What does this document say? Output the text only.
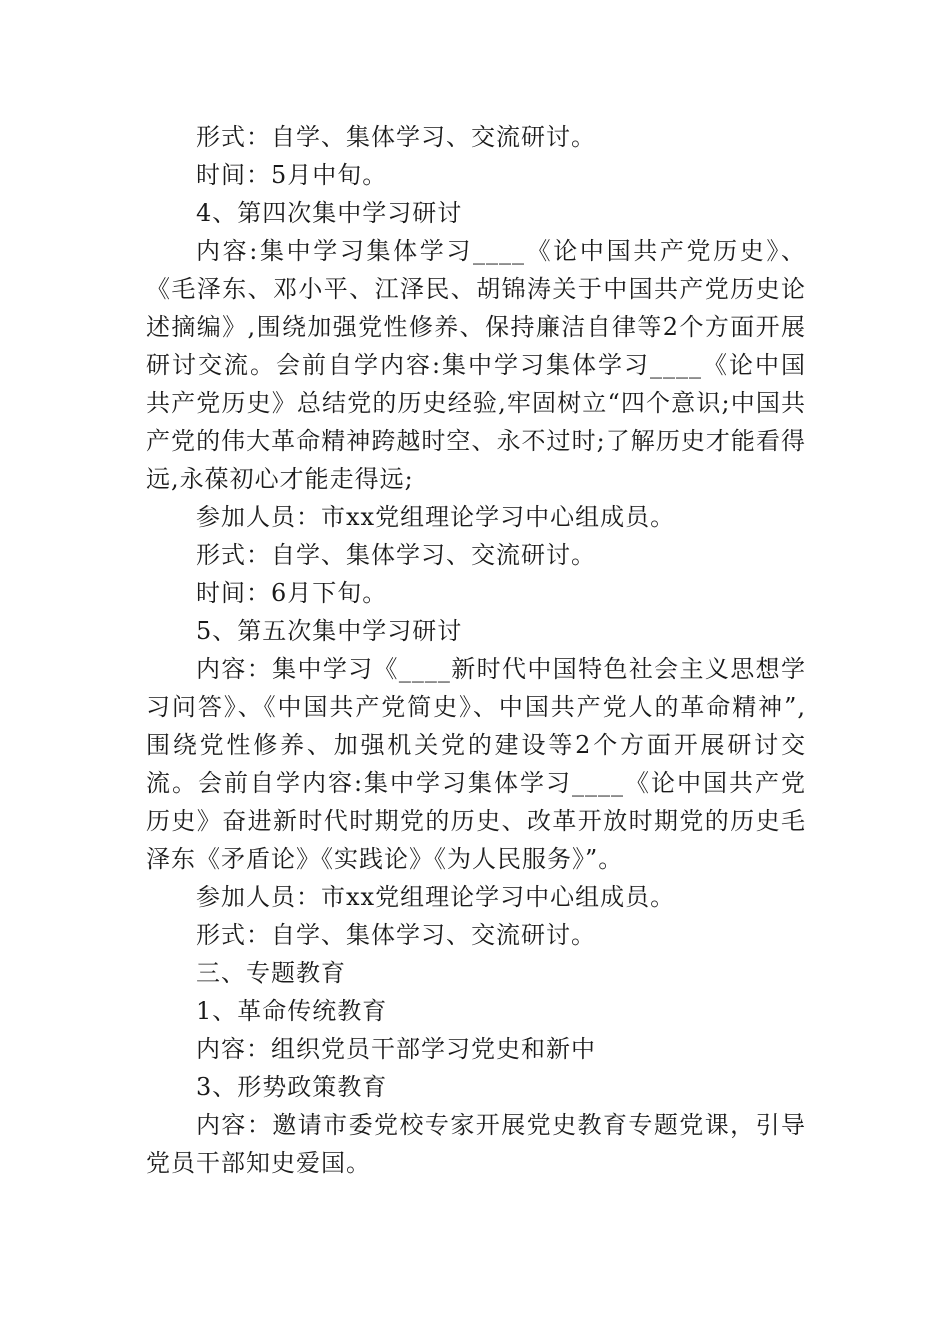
形式：自学、集体学习、交流研讨。

时间：5月中旬。

4、第四次集中学习研讨

内容:集中学习集体学习____《论中国共产党历史》、《毛泽东、邓小平、江泽民、胡锦涛关于中国共产党历史论述摘编》,围绕加强党性修养、保持廉洁自律等2个方面开展研讨交流。会前自学内容:集中学习集体学习____《论中国共产党历史》总结党的历史经验,牢固树立“四个意识;中国共产党的伟大革命精神跨越时空、永不过时;了解历史才能看得远,永葆初心才能走得远;

参加人员：市xx党组理论学习中心组成员。

形式：自学、集体学习、交流研讨。

时间：6月下旬。

5、第五次集中学习研讨

内容：集中学习《____新时代中国特色社会主义思想学习问答》、《中国共产党简史》、中国共产党人的革命精神”,围绕党性修养、加强机关党的建设等2个方面开展研讨交流。会前自学内容:集中学习集体学习____《论中国共产党历史》奋进新时代时期党的历史、改革开放时期党的历史毛泽东《矛盾论》《实践论》《为人民服务》”。

参加人员：市xx党组理论学习中心组成员。

形式：自学、集体学习、交流研讨。

三、专题教育

1、革命传统教育

内容：组织党员干部学习党史和新中

3、形势政策教育

内容：邀请市委党校专家开展党史教育专题党课，引导党员干部知史爱国。
